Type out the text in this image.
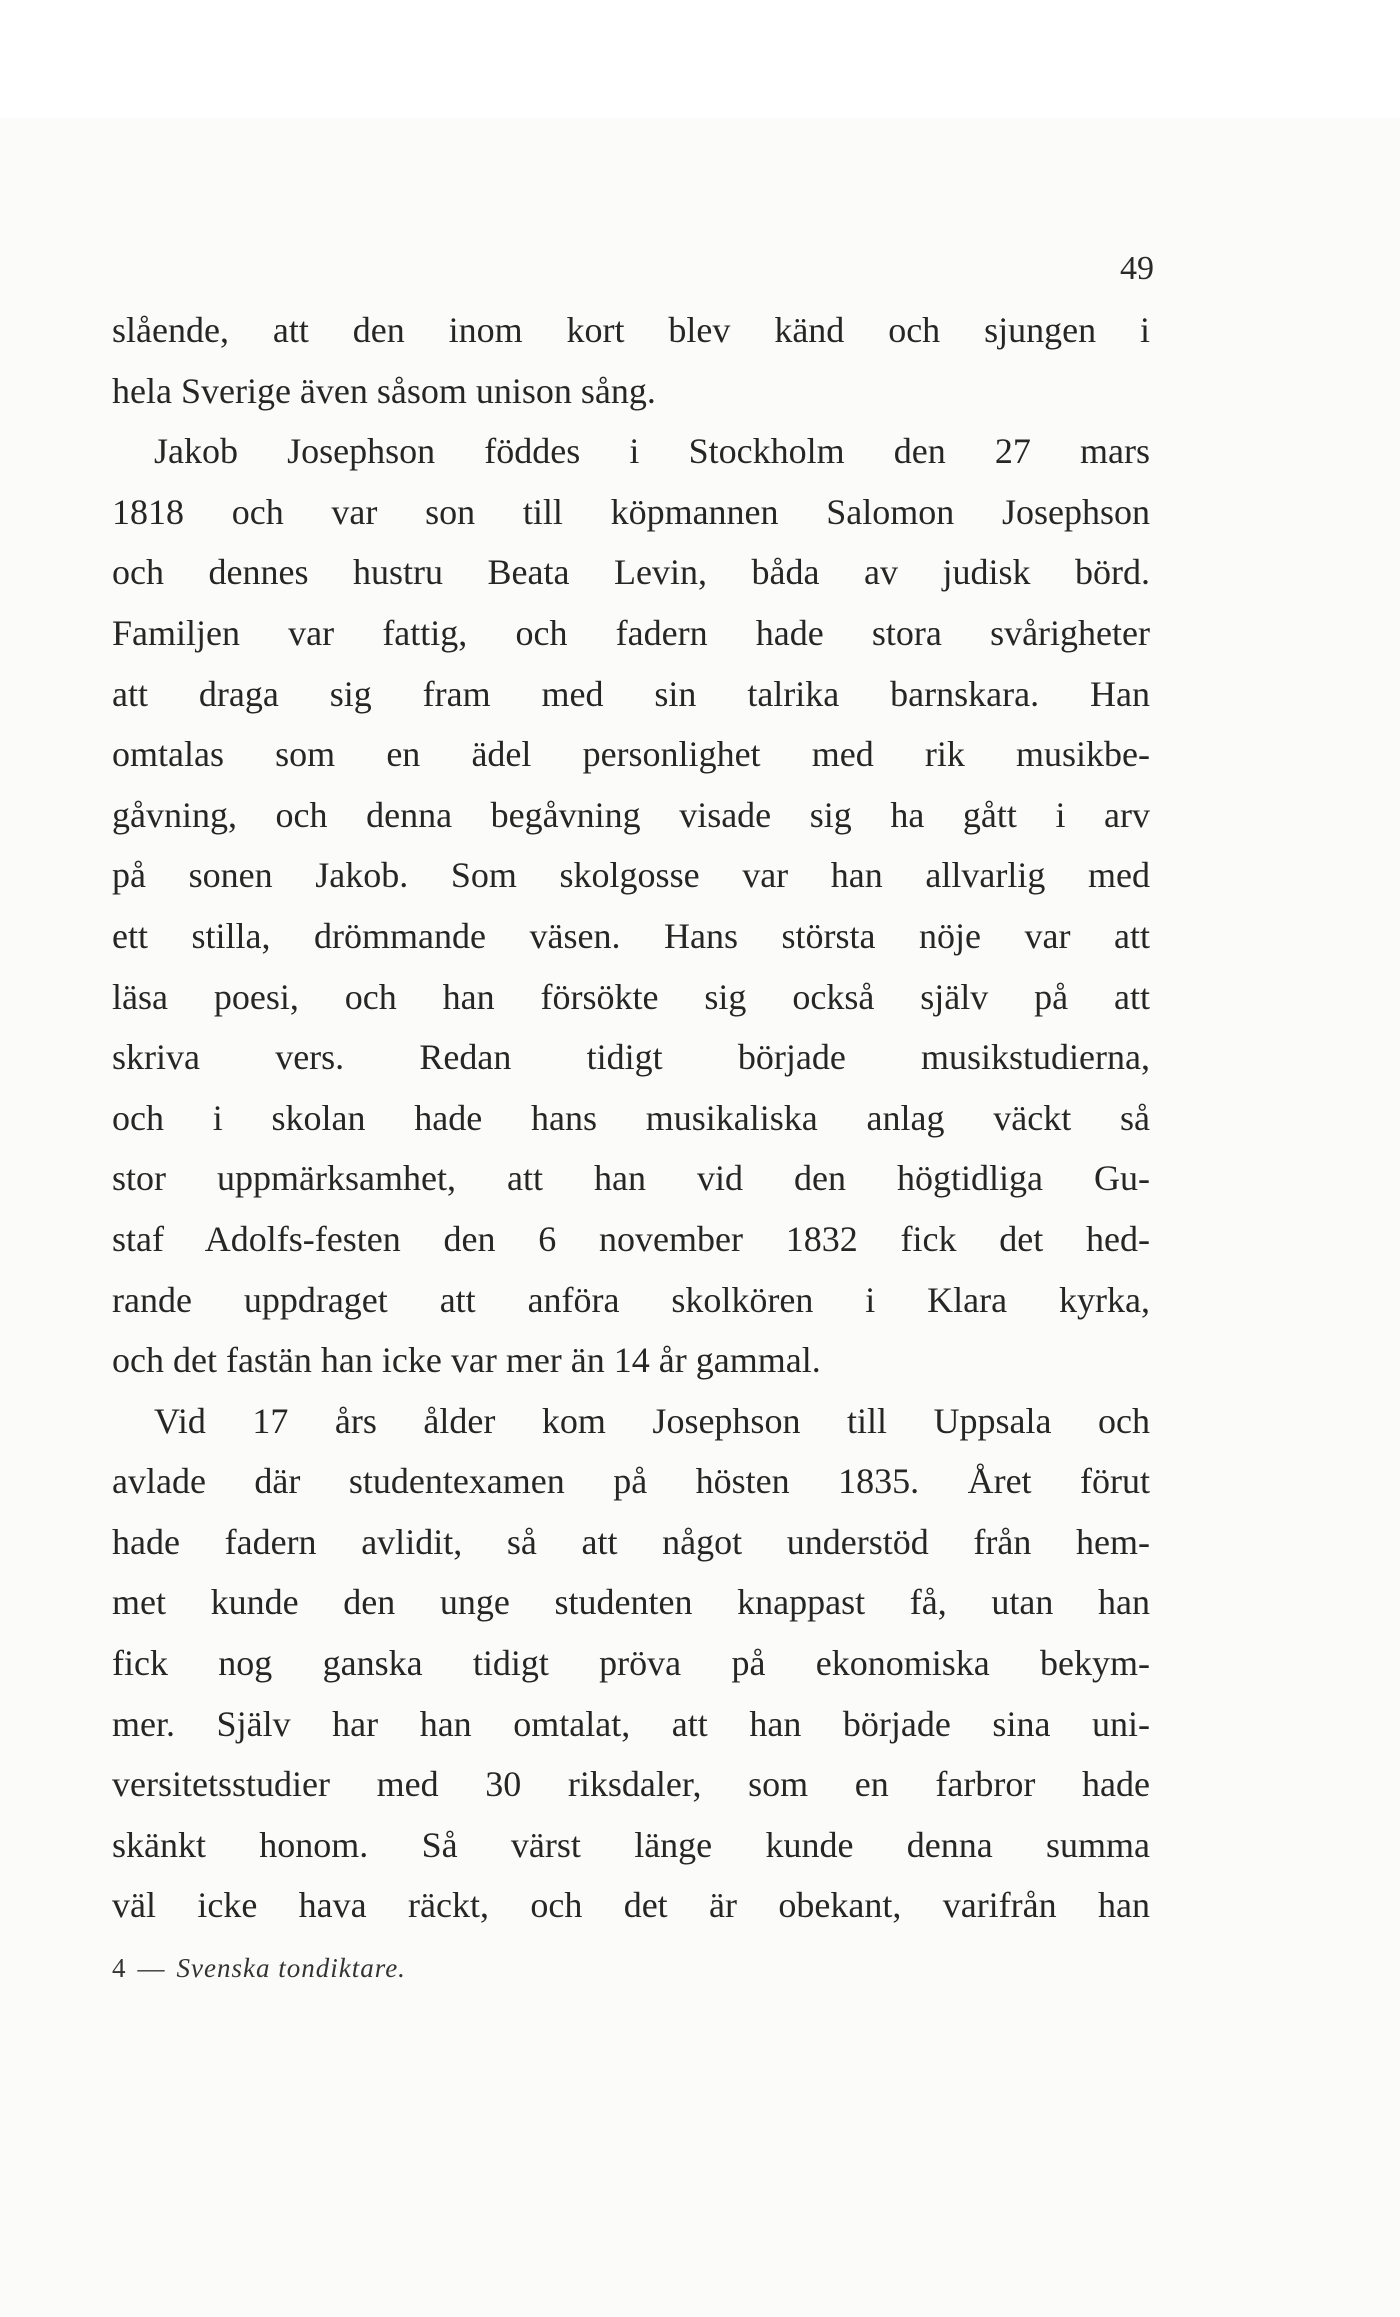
49

slående, att den inom kort blev känd och sjungen i
hela Sverige även såsom unison sång.
Jakob Josephson föddes i Stockholm den 27 mars
1818 och var son till köpmannen Salomon Josephson
och dennes hustru Beata Levin, båda av judisk börd.
Familjen var fattig, och fadern hade stora svårigheter
att draga sig fram med sin talrika barnskara. Han
omtalas som en ädel personlighet med rik musikbe-
gåvning, och denna begåvning visade sig ha gått i arv
på sonen Jakob. Som skolgosse var han allvarlig med
ett stilla, drömmande väsen. Hans största nöje var att
läsa poesi, och han försökte sig också själv på att
skriva vers. Redan tidigt började musikstudierna,
och i skolan hade hans musikaliska anlag väckt så
stor uppmärksamhet, att han vid den högtidliga Gu-
staf Adolfs-festen den 6 november 1832 fick det hed-
rande uppdraget att anföra skolkören i Klara kyrka,
och det fastän han icke var mer än 14 år gammal.
Vid 17 års ålder kom Josephson till Uppsala och
avlade där studentexamen på hösten 1835. Året förut
hade fadern avlidit, så att något understöd från hem-
met kunde den unge studenten knappast få, utan han
fick nog ganska tidigt pröva på ekonomiska bekym-
mer. Själv har han omtalat, att han började sina uni-
versitetsstudier med 30 riksdaler, som en farbror hade
skänkt honom. Så värst länge kunde denna summa
väl icke hava räckt, och det är obekant, varifrån han

4 — Svenska tondiktare.
